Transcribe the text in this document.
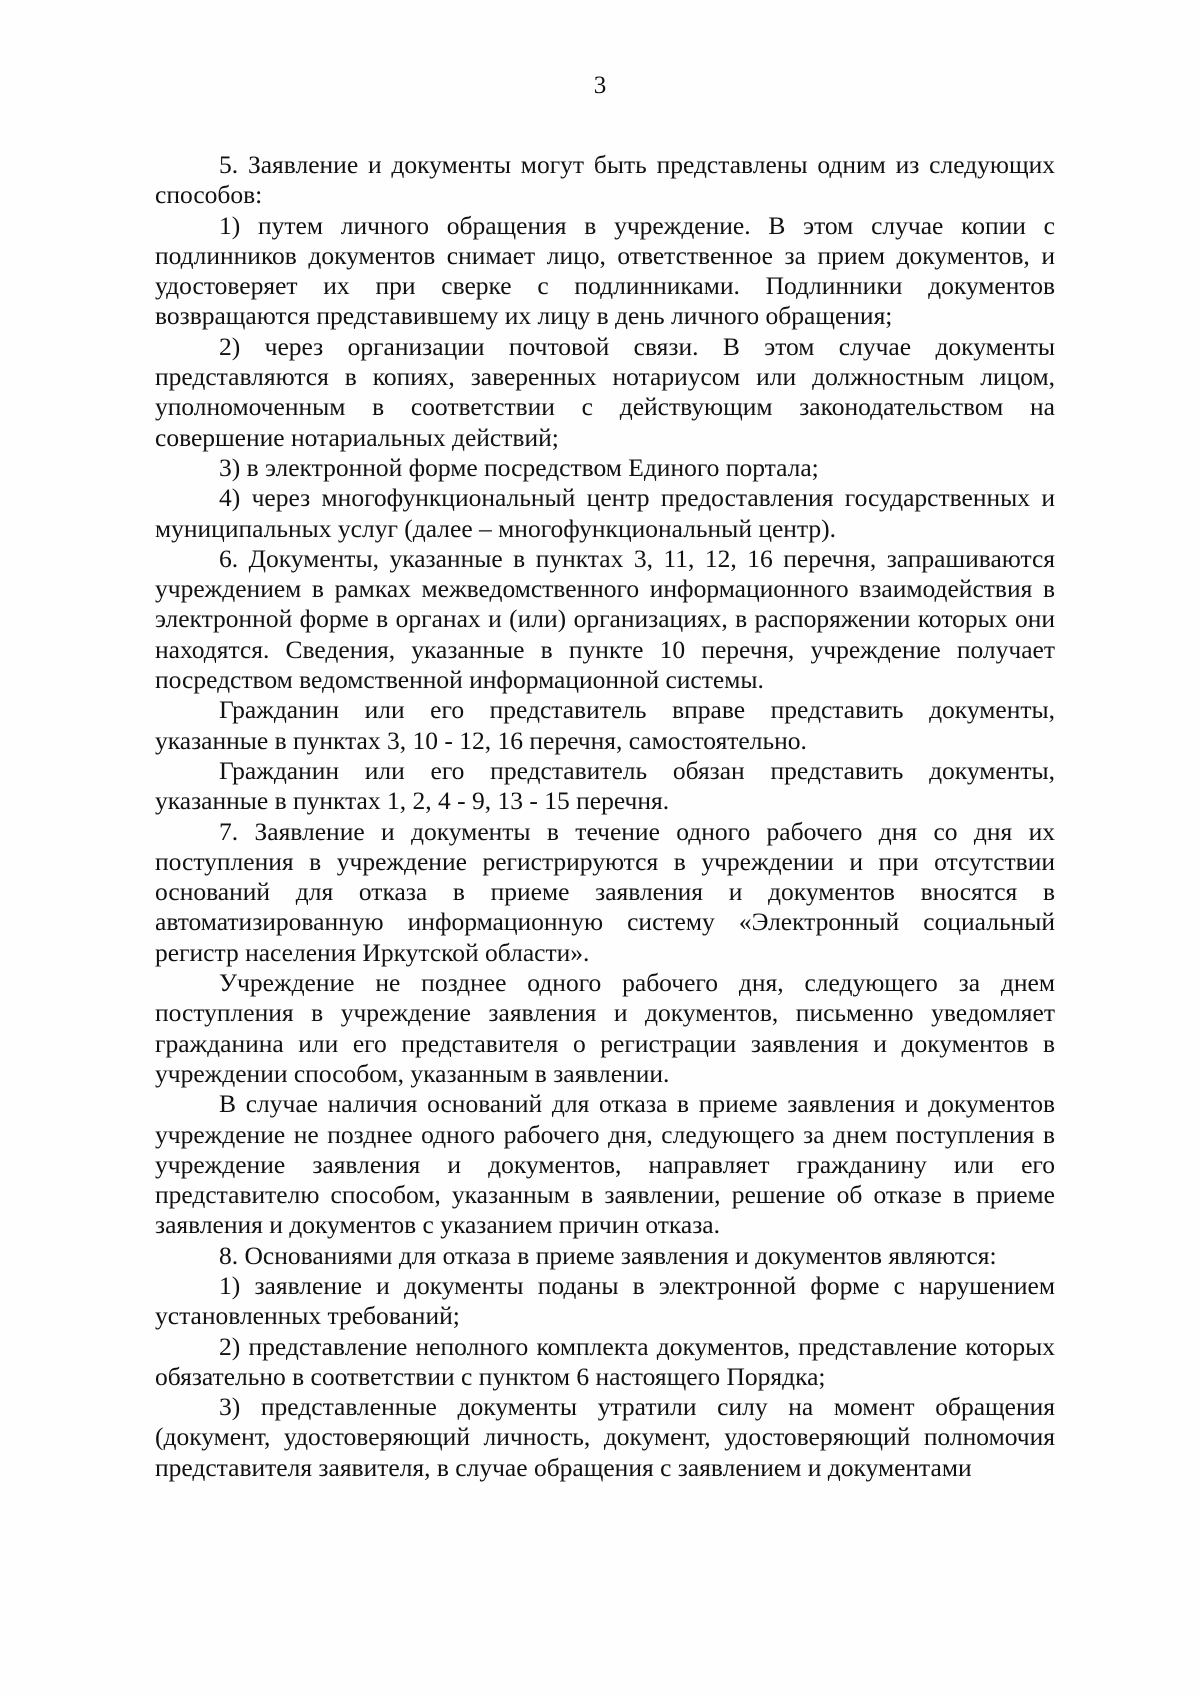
3

5. Заявление и документы могут быть представлены одним из следующих способов:

1) путем личного обращения в учреждение. В этом случае копии с подлинников документов снимает лицо, ответственное за прием документов, и удостоверяет их при сверке с подлинниками. Подлинники документов возвращаются представившему их лицу в день личного обращения;

2) через организации почтовой связи. В этом случае документы представляются в копиях, заверенных нотариусом или должностным лицом, уполномоченным в соответствии с действующим законодательством на совершение нотариальных действий;

3) в электронной форме посредством Единого портала;

4) через многофункциональный центр предоставления государственных и муниципальных услуг (далее – многофункциональный центр).

6. Документы, указанные в пунктах 3, 11, 12, 16 перечня, запрашиваются учреждением в рамках межведомственного информационного взаимодействия в электронной форме в органах и (или) организациях, в распоряжении которых они находятся. Сведения, указанные в пункте 10 перечня, учреждение получает посредством ведомственной информационной системы.

Гражданин или его представитель вправе представить документы, указанные в пунктах 3, 10 - 12, 16 перечня, самостоятельно.

Гражданин или его представитель обязан представить документы, указанные в пунктах 1, 2, 4 - 9, 13 - 15 перечня.

7. Заявление и документы в течение одного рабочего дня со дня их поступления в учреждение регистрируются в учреждении и при отсутствии оснований для отказа в приеме заявления и документов вносятся в автоматизированную информационную систему «Электронный социальный регистр населения Иркутской области».

Учреждение не позднее одного рабочего дня, следующего за днем поступления в учреждение заявления и документов, письменно уведомляет гражданина или его представителя о регистрации заявления и документов в учреждении способом, указанным в заявлении.

В случае наличия оснований для отказа в приеме заявления и документов учреждение не позднее одного рабочего дня, следующего за днем поступления в учреждение заявления и документов, направляет гражданину или его представителю способом, указанным в заявлении, решение об отказе в приеме заявления и документов с указанием причин отказа.

8. Основаниями для отказа в приеме заявления и документов являются:

1) заявление и документы поданы в электронной форме с нарушением установленных требований;

2) представление неполного комплекта документов, представление которых обязательно в соответствии с пунктом 6 настоящего Порядка;

3) представленные документы утратили силу на момент обращения (документ, удостоверяющий личность, документ, удостоверяющий полномочия представителя заявителя, в случае обращения с заявлением и документами
